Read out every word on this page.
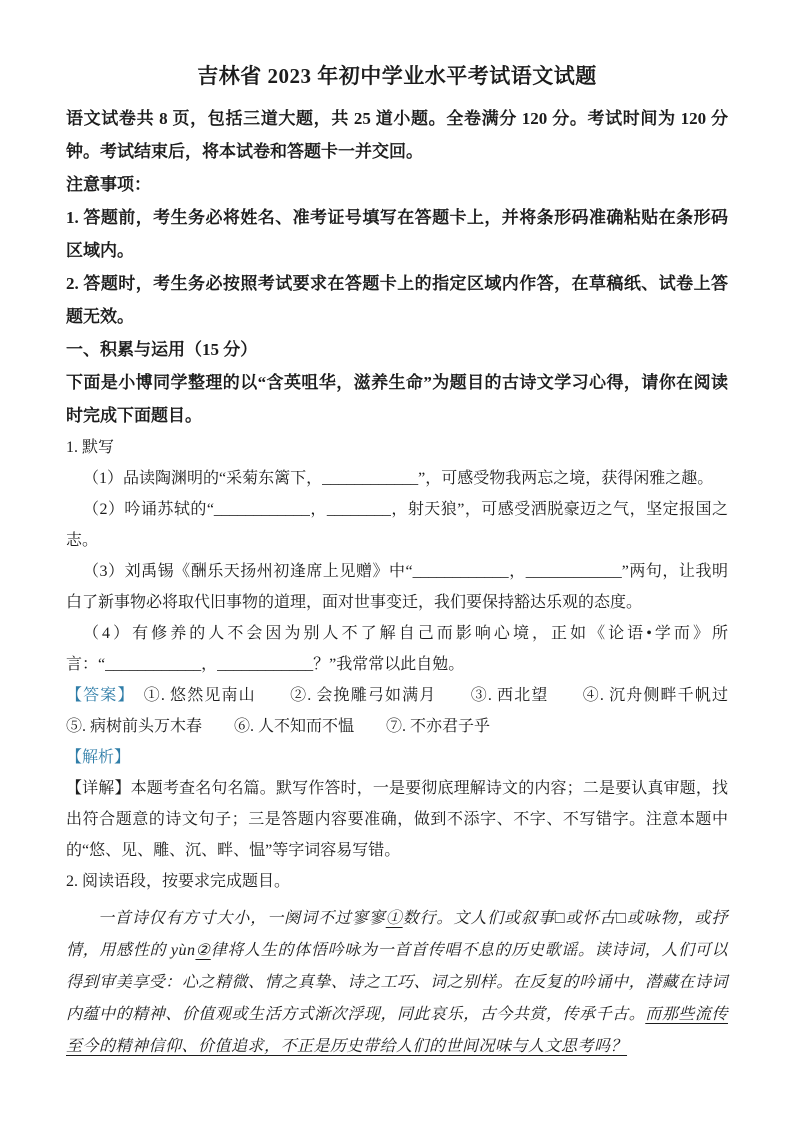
吉林省 2023 年初中学业水平考试语文试题

语文试卷共 8 页，包括三道大题，共 25 道小题。全卷满分 120 分。考试时间为 120 分钟。考试结束后，将本试卷和答题卡一并交回。

注意事项：

1. 答题前，考生务必将姓名、准考证号填写在答题卡上，并将条形码准确粘贴在条形码区域内。

2. 答题时，考生务必按照考试要求在答题卡上的指定区域内作答，在草稿纸、试卷上答题无效。

一、积累与运用（15 分）

下面是小博同学整理的以“含英咀华，滋养生命”为题目的古诗文学习心得，请你在阅读时完成下面题目。

1. 默写

（1）品读陶渊明的“采菊东篱下，____________”，可感受物我两忘之境，获得闲雅之趣。

（2）吟诵苏轼的“____________，________，射天狼”，可感受洒脱豪迈之气，坚定报国之志。

（3）刘禹锡《酬乐天扬州初逢席上见赠》中“____________，____________”两句，让我明白了新事物必将取代旧事物的道理，面对世事变迁，我们要保持豁达乐观的态度。

（4）有修养的人不会因为别人不了解自己而影响心境，正如《论语•学而》所言：“____________，____________？”我常常以此自勉。

【答案】　①. 悠然见南山　　②. 会挽雕弓如满月　　③. 西北望　　④. 沉舟侧畔千帆过　　⑤. 病树前头万木春　　⑥. 人不知而不愠　　⑦. 不亦君子乎

【解析】

【详解】本题考查名句名篇。默写作答时，一是要彻底理解诗文的内容；二是要认真审题，找出符合题意的诗文句子；三是答题内容要准确，做到不添字、不字、不写错字。注意本题中的“悠、见、雕、沉、畔、愠”等字词容易写错。

2. 阅读语段，按要求完成题目。

一首诗仅有方寸大小，一阕词不过寥寥①数行。文人们或叙事□或怀古□或咏物，或抒情，用感性的 yùn②律将人生的体悟吟咏为一首首传唱不息的历史歌谣。读诗词，人们可以得到审美享受：心之精微、情之真挚、诗之工巧、词之别样。在反复的吟诵中，潜藏在诗词内蕴中的精神、价值观或生活方式渐次浮现，同此哀乐，古今共赏，传承千古。而那些流传至今的精神信仰、价值追求，不正是历史带给人们的世间况味与人文思考吗？
